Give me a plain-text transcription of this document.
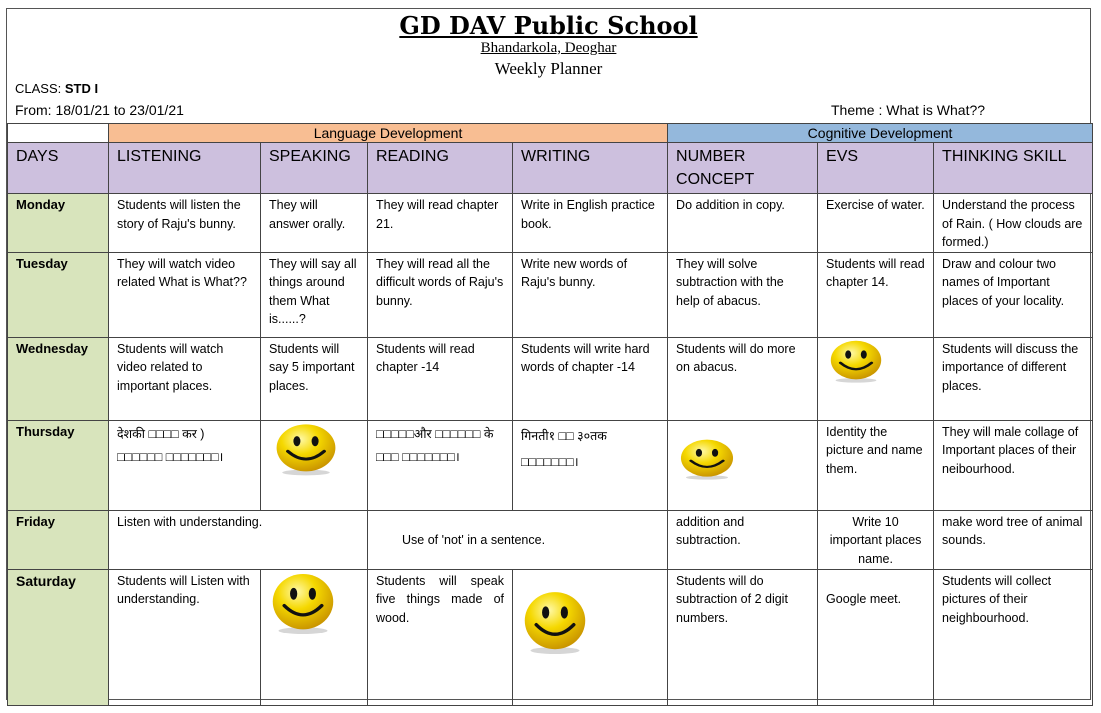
GD DAV Public School
Bhandarkola, Deoghar
Weekly Planner
CLASS: STD I
From: 18/01/21 to 23/01/21	Theme : What is What??
	Language Development				Cognitive Development		

DAYS	LISTENING	SPEAKING	READING	WRITING	NUMBER CONCEPT	EVS	THINKING SKILL

Monday	Students will listen the story of Raju's bunny.	They will answer orally.	They will read chapter 21.	Write in English practice book.	Do addition in copy.	Exercise of water.	Understand the process of Rain. ( How clouds are formed.)

Tuesday	They will watch video related What is What??	They will say all things around them What is......?	They will read all the difficult words of Raju's bunny.	Write new words of Raju's bunny.	They will solve subtraction with the help of abacus.	Students will read chapter 14.	Draw and colour two names of Important places of your locality.

Wednesday	Students will watch video related to important places.	Students will say 5 important places.	Students will read chapter -14	Students will write hard words of chapter -14	Students will do more on abacus.		Students will discuss the importance of different places.

Thursday	देशकी □□□□ कर ) □□□□□□ □□□□□□□।		□□□□□और □□□□□□ के □□□ □□□□□□□।	गिनती१ □□ ३०तक □□□□□□□।		Identity the picture and name them.	They will male collage of Important places of their neibourhood.

Friday	Listen with understanding.		Use of 'not' in a sentence.		addition and subtraction.	Write 10 important places name.	make word tree of animal sounds.

Saturday	Students will Listen with understanding.		Students will speak five things made of wood.		Students will do subtraction of 2 digit numbers.	Google meet.	Students will collect pictures of their neighbourhood.
